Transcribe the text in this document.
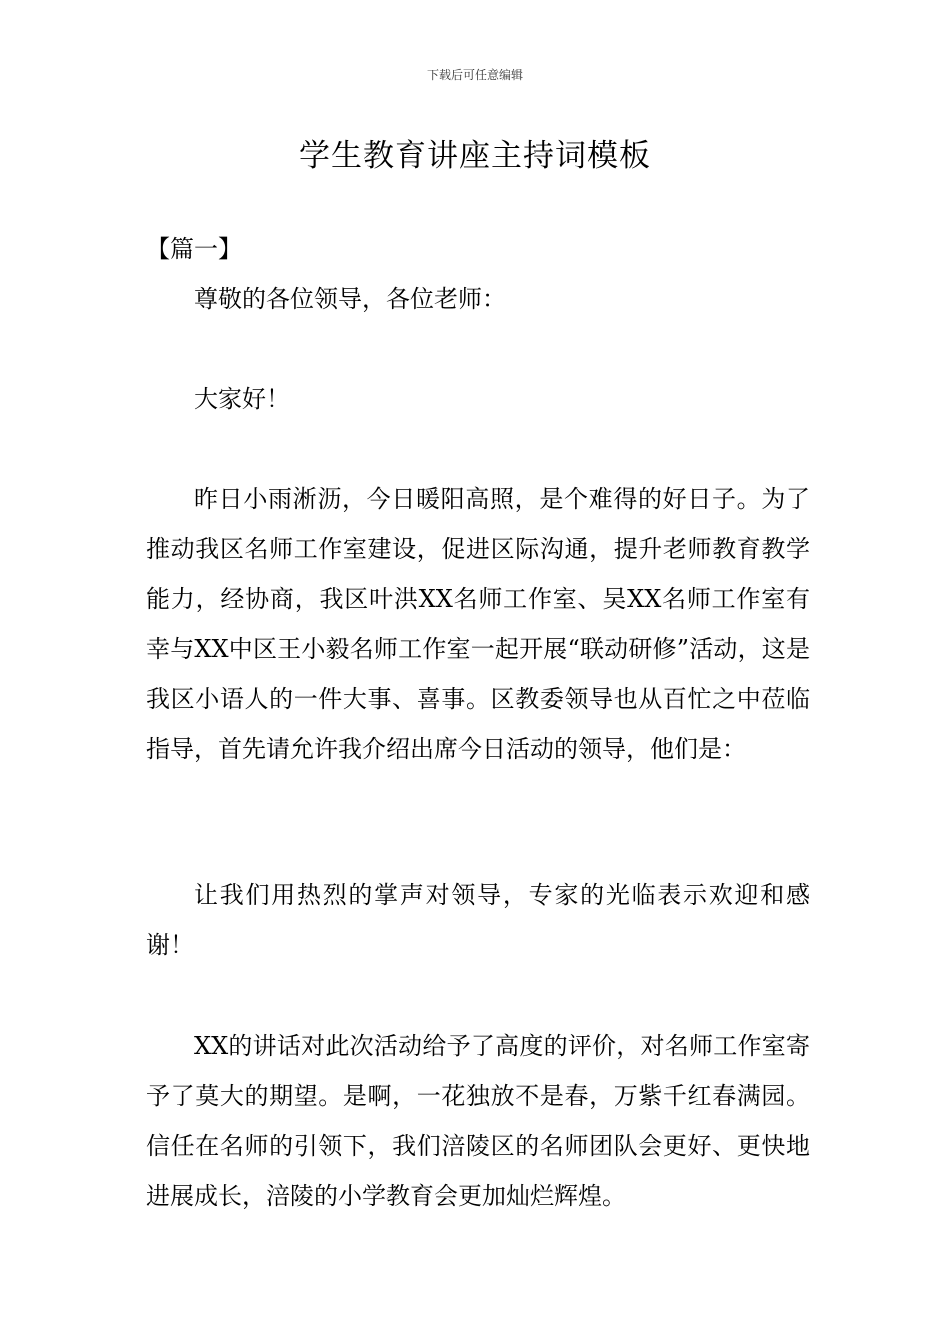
下载后可任意编辑
学生教育讲座主持词模板
【篇一】

尊敬的各位领导，各位老师：

大家好！

昨日小雨淅沥，今日暖阳高照，是个难得的好日子。为了推动我区名师工作室建设，促进区际沟通，提升老师教育教学能力，经协商，我区叶洪XX名师工作室、吴XX名师工作室有幸与XX中区王小毅名师工作室一起开展“联动研修”活动，这是我区小语人的一件大事、喜事。区教委领导也从百忙之中莅临指导，首先请允许我介绍出席今日活动的领导，他们是：

让我们用热烈的掌声对领导，专家的光临表示欢迎和感谢！

XX的讲话对此次活动给予了高度的评价，对名师工作室寄予了莫大的期望。是啊，一花独放不是春，万紫千红春满园。信任在名师的引领下，我们涪陵区的名师团队会更好、更快地进展成长，涪陵的小学教育会更加灿烂辉煌。
